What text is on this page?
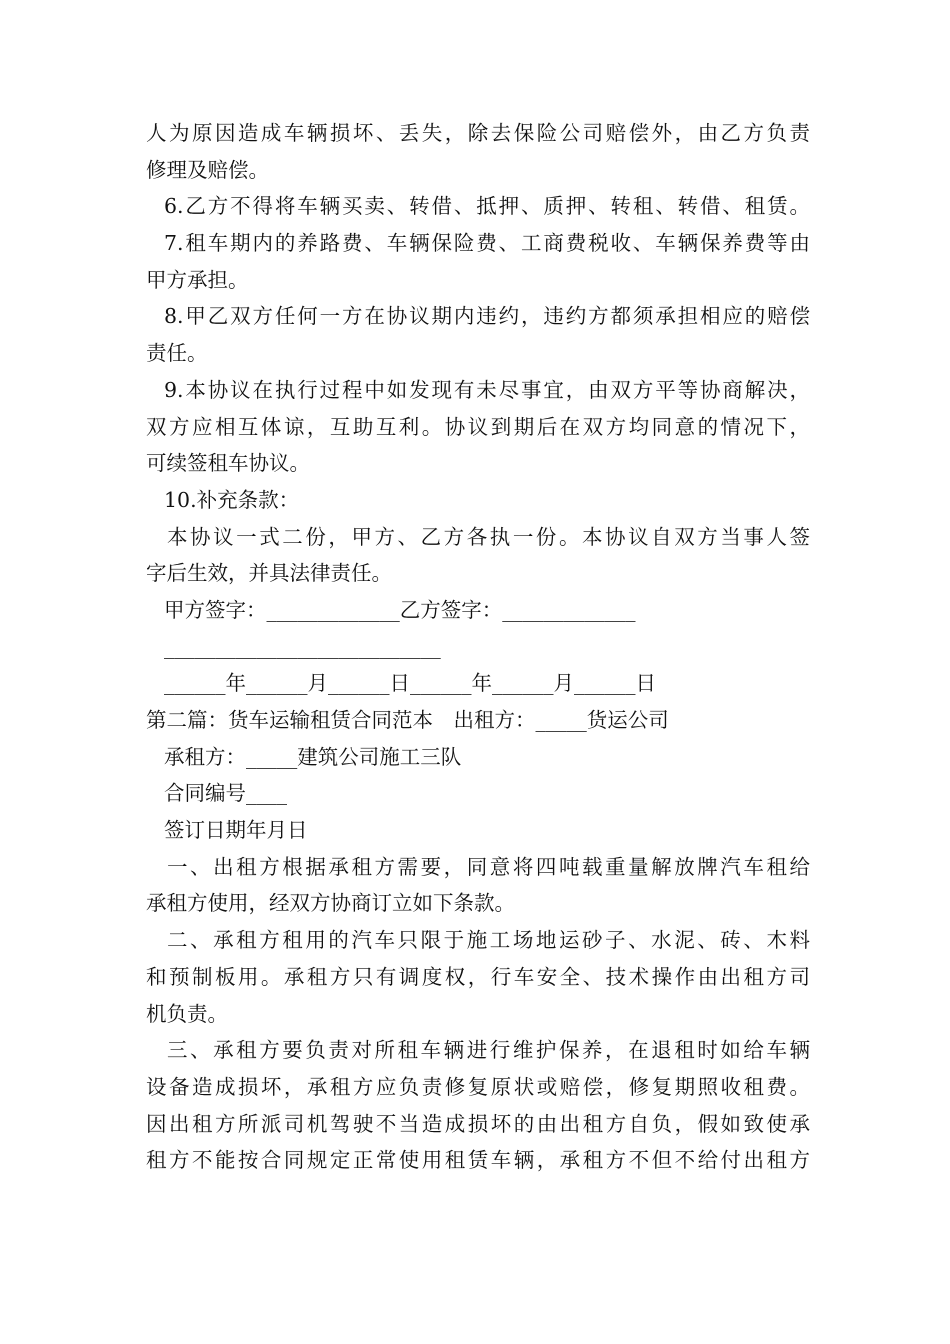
人为原因造成车辆损坏、丢失，除去保险公司赔偿外，由乙方负责
修理及赔偿。
6.乙方不得将车辆买卖、转借、抵押、质押、转租、转借、租赁。
7.租车期内的养路费、车辆保险费、工商费税收、车辆保养费等由
甲方承担。
8.甲乙双方任何一方在协议期内违约，违约方都须承担相应的赔偿
责任。
9.本协议在执行过程中如发现有未尽事宜，由双方平等协商解决，
双方应相互体谅，互助互利。协议到期后在双方均同意的情况下，
可续签租车协议。
10.补充条款：
本协议一式二份，甲方、乙方各执一份。本协议自双方当事人签
字后生效，并具法律责任。
甲方签字：_____________乙方签字：_____________
___________________________
______年______月______日______年______月______日
第二篇：货车运输租赁合同范本　出租方：_____货运公司
承租方：_____建筑公司施工三队
合同编号____
签订日期年月日
一、出租方根据承租方需要，同意将四吨载重量解放牌汽车租给
承租方使用，经双方协商订立如下条款。
二、承租方租用的汽车只限于施工场地运砂子、水泥、砖、木料
和预制板用。承租方只有调度权，行车安全、技术操作由出租方司
机负责。
三、承租方要负责对所租车辆进行维护保养，在退租时如给车辆
设备造成损坏，承租方应负责修复原状或赔偿，修复期照收租费。
因出租方所派司机驾驶不当造成损坏的由出租方自负，假如致使承
租方不能按合同规定正常使用租赁车辆，承租方不但不给付出租方
